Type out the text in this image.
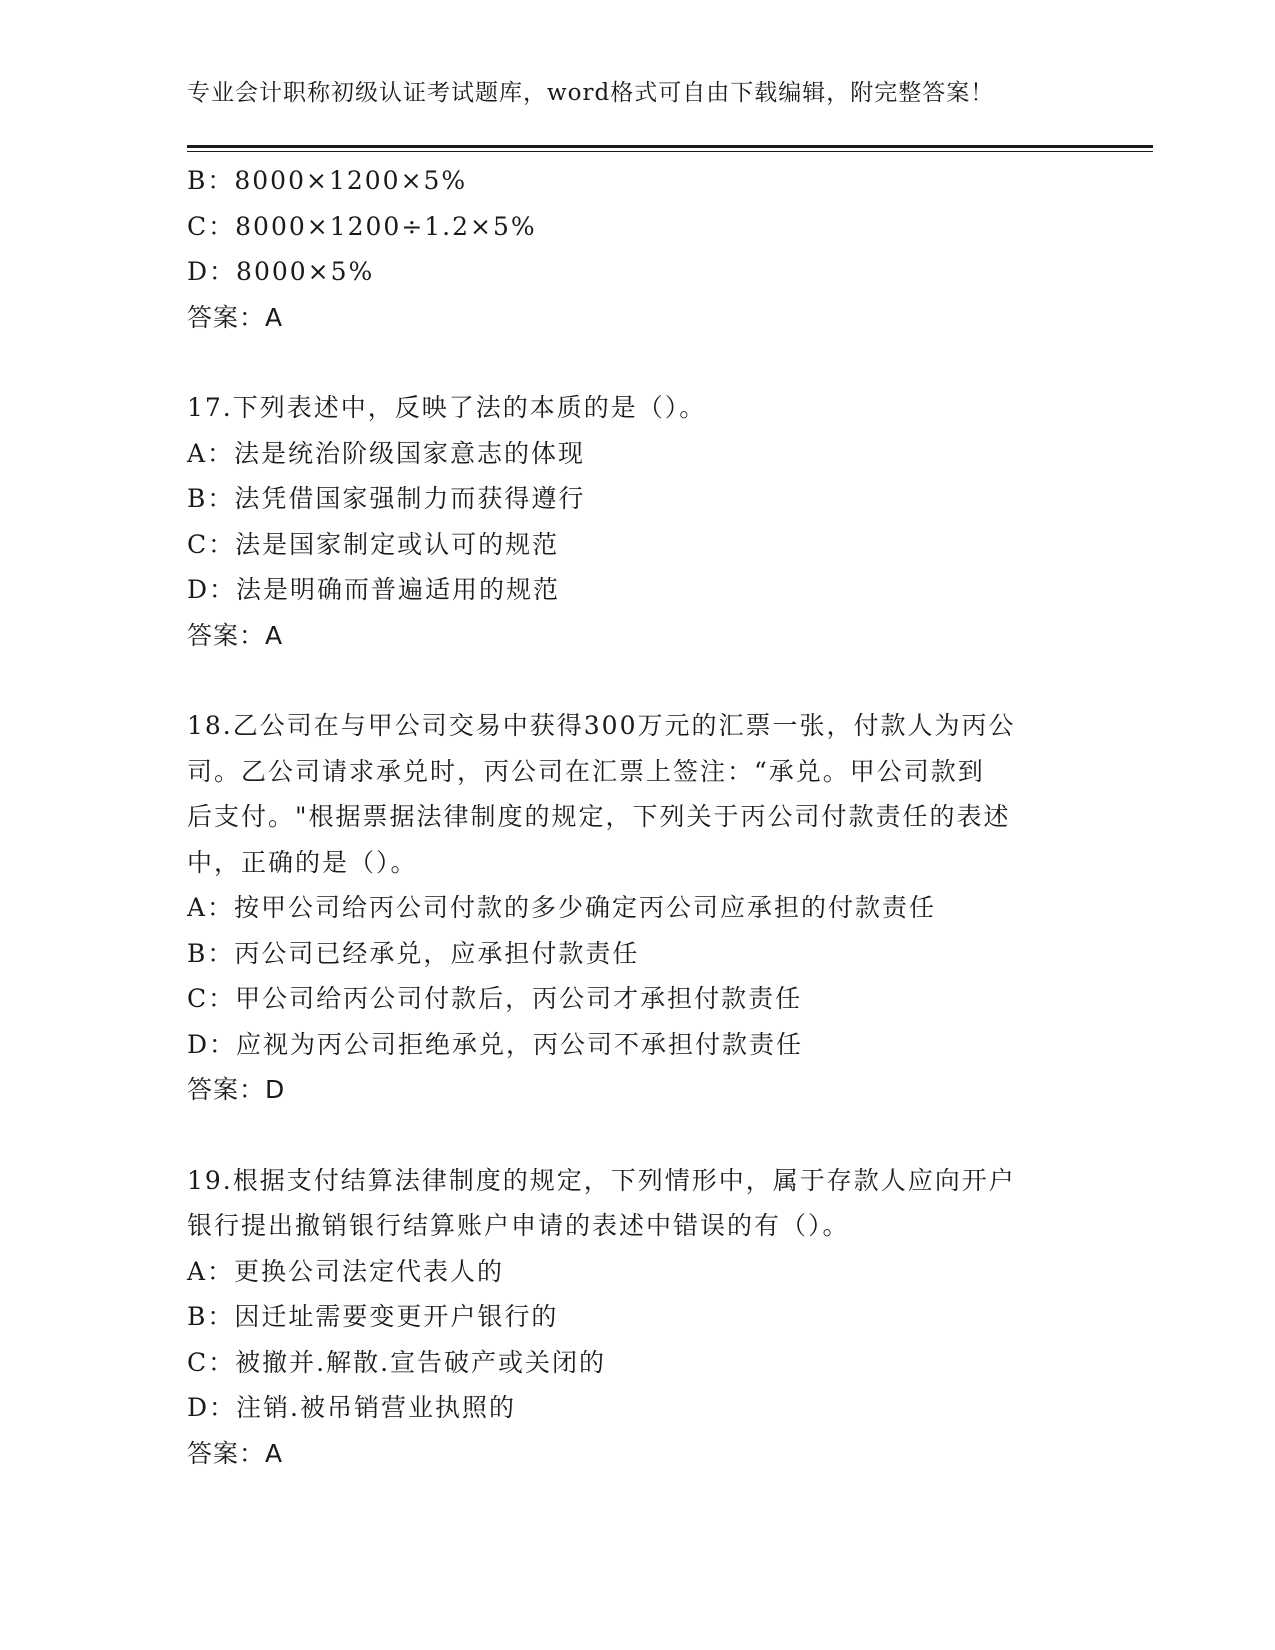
专业会计职称初级认证考试题库，word格式可自由下载编辑，附完整答案！
B：8000×1200×5%
C：8000×1200÷1.2×5%
D：8000×5%
答案：A
17.下列表述中，反映了法的本质的是（）。
A：法是统治阶级国家意志的体现
B：法凭借国家强制力而获得遵行
C：法是国家制定或认可的规范
D：法是明确而普遍适用的规范
答案：A
18.乙公司在与甲公司交易中获得300万元的汇票一张，付款人为丙公
司。乙公司请求承兑时，丙公司在汇票上签注：“承兑。甲公司款到
后支付。"根据票据法律制度的规定，下列关于丙公司付款责任的表述
中，正确的是（）。
A：按甲公司给丙公司付款的多少确定丙公司应承担的付款责任
B：丙公司已经承兑，应承担付款责任
C：甲公司给丙公司付款后，丙公司才承担付款责任
D：应视为丙公司拒绝承兑，丙公司不承担付款责任
答案：D
19.根据支付结算法律制度的规定，下列情形中，属于存款人应向开户
银行提出撤销银行结算账户申请的表述中错误的有（）。
A：更换公司法定代表人的
B：因迁址需要变更开户银行的
C：被撤并.解散.宣告破产或关闭的
D：注销.被吊销营业执照的
答案：A
